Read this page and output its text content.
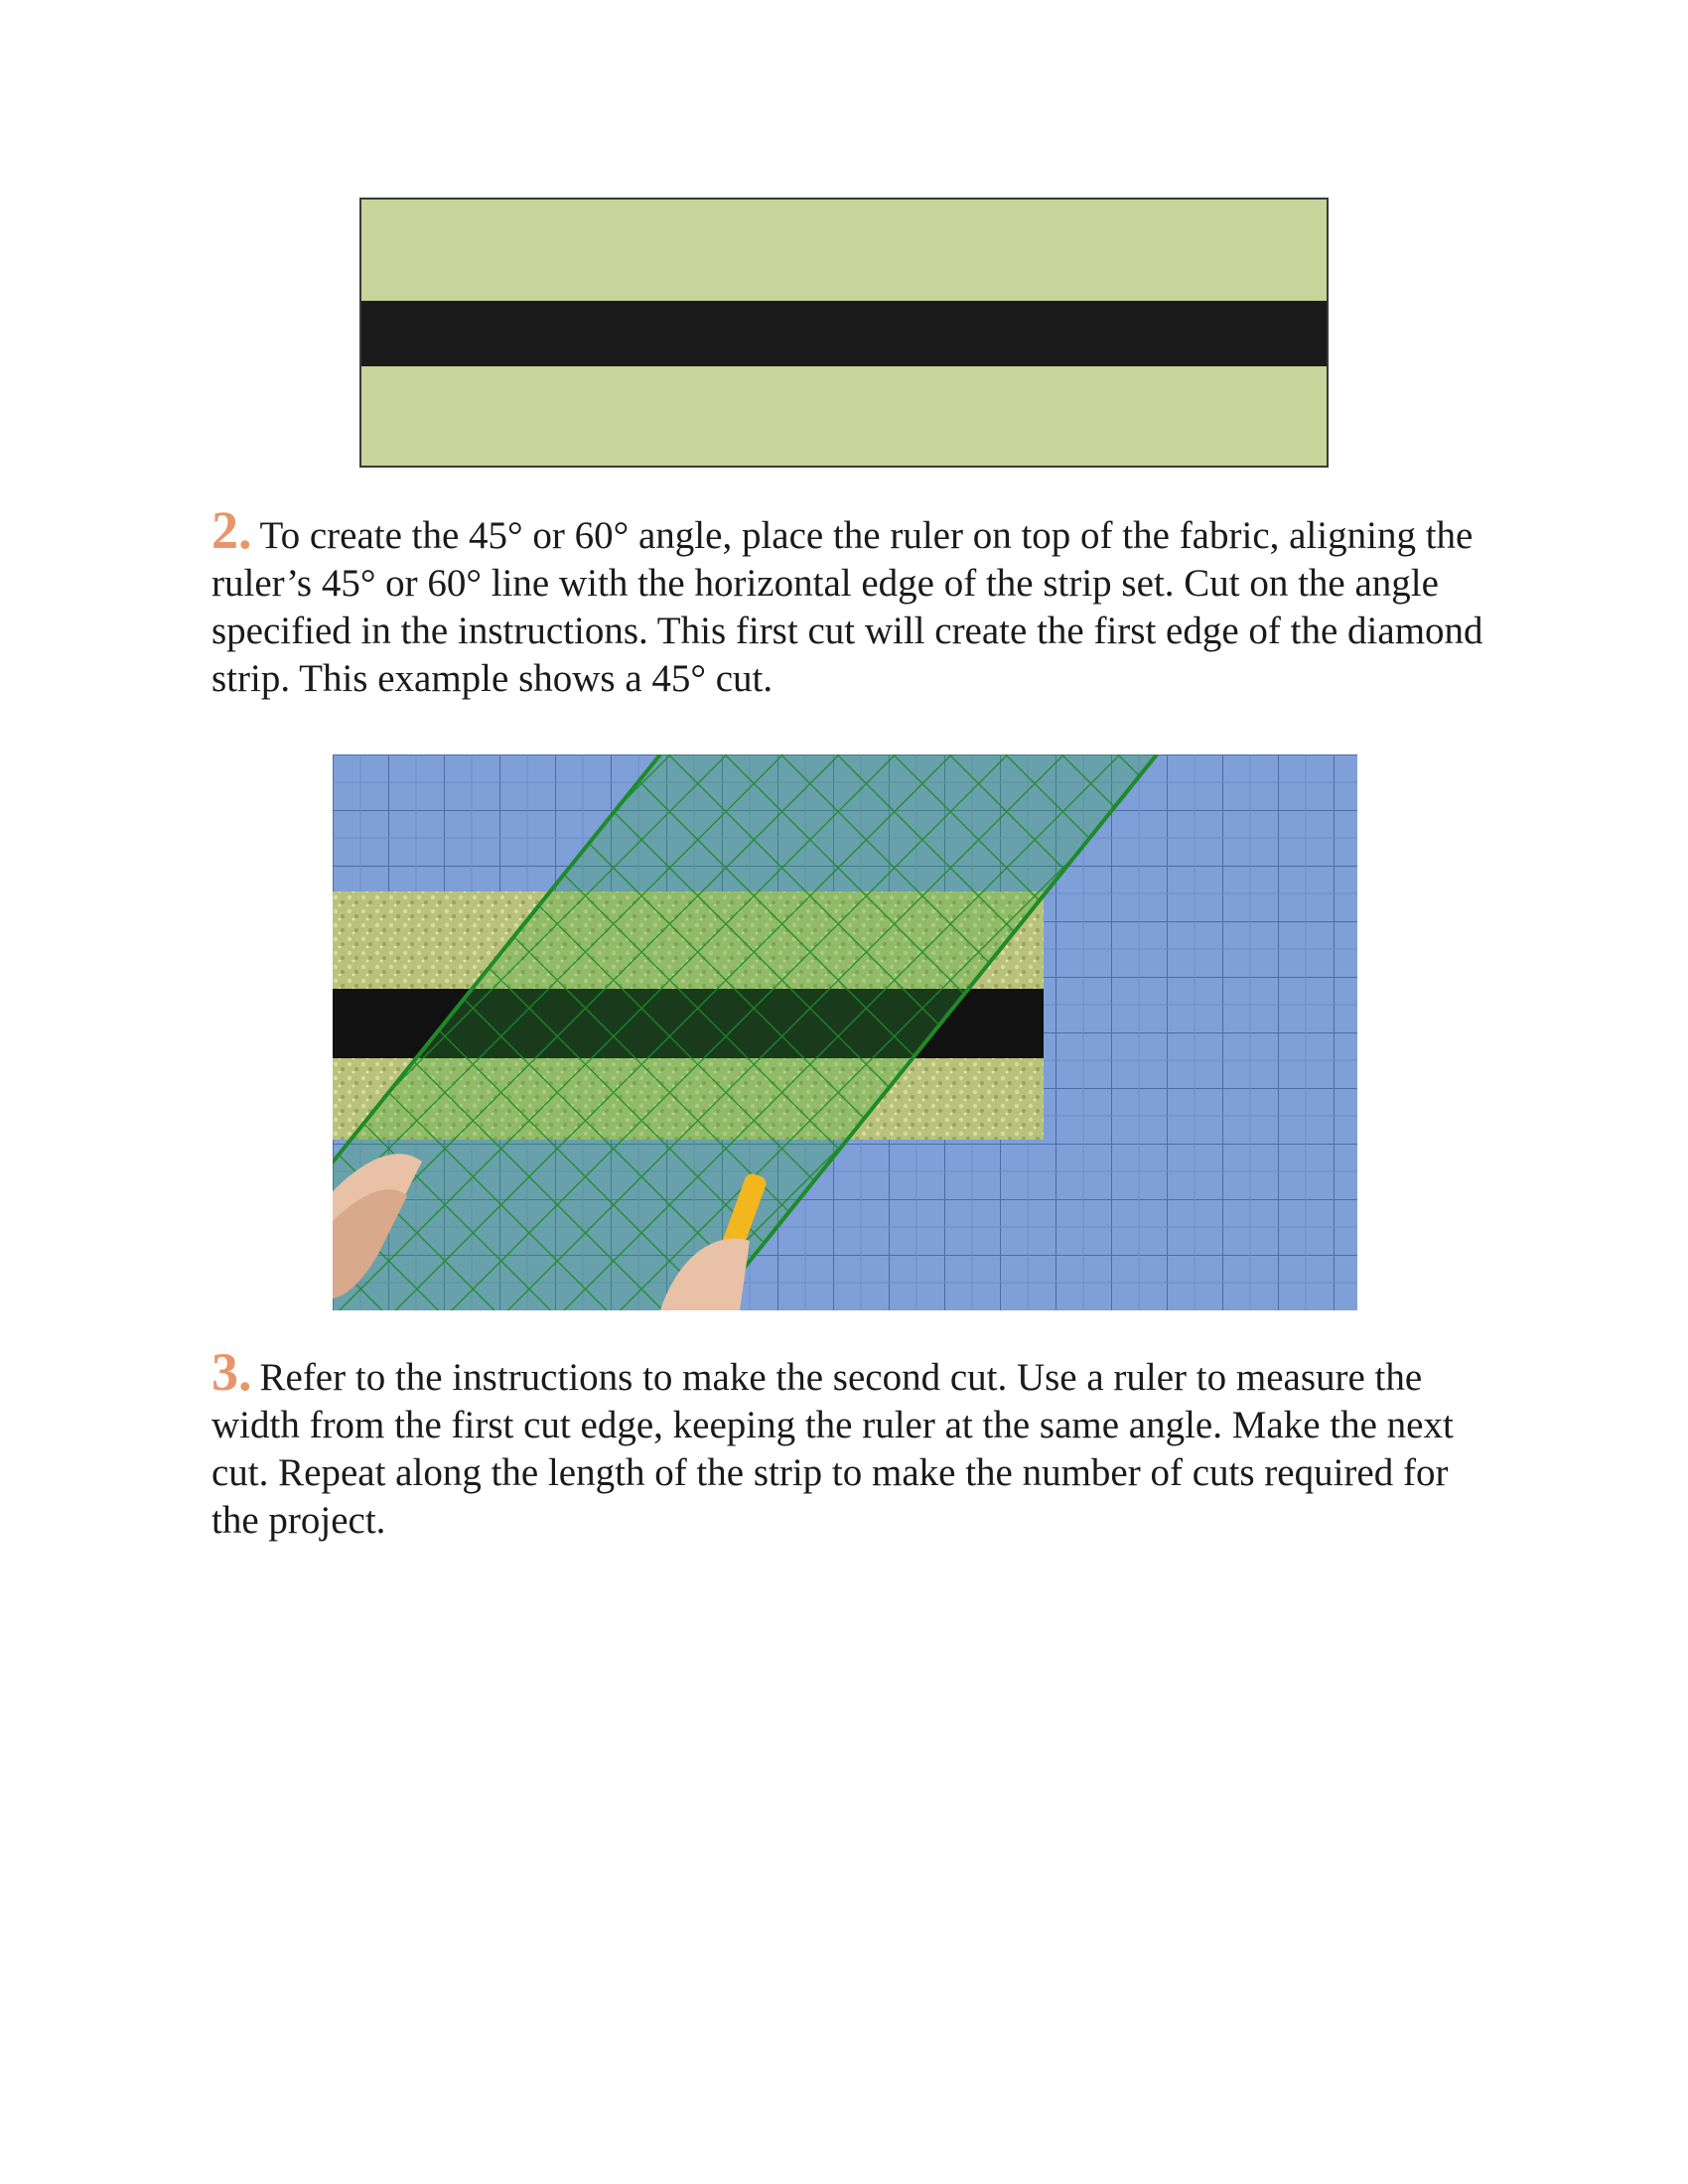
2. To create the 45° or 60° angle, place the ruler on top of the fabric, aligning the ruler’s 45° or 60° line with the horizontal edge of the strip set. Cut on the angle specified in the instructions. This first cut will create the first edge of the diamond strip. This example shows a 45° cut.

3. Refer to the instructions to make the second cut. Use a ruler to measure the width from the first cut edge, keeping the ruler at the same angle. Make the next cut. Repeat along the length of the strip to make the number of cuts required for the project.
